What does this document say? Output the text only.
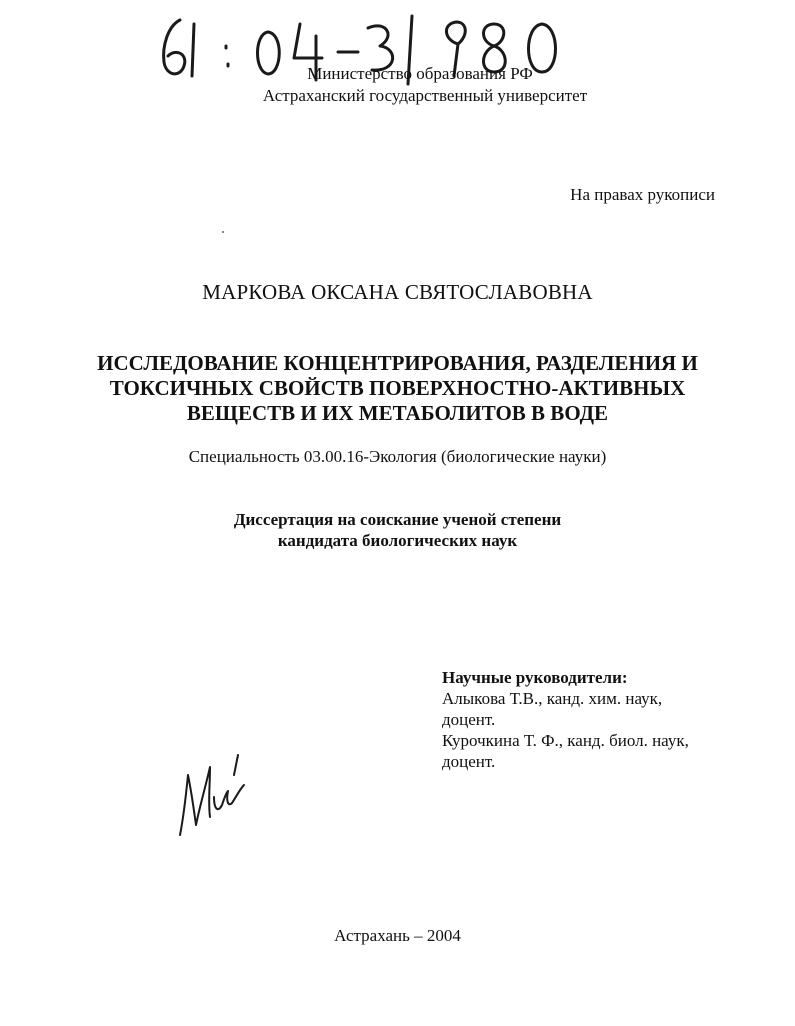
Министерство образования РФ
Астраханский государственный университет
На правах рукописи
МАРКОВА ОКСАНА СВЯТОСЛАВОВНА
ИССЛЕДОВАНИЕ КОНЦЕНТРИРОВАНИЯ, РАЗДЕЛЕНИЯ И
ТОКСИЧНЫХ СВОЙСТВ ПОВЕРХНОСТНО-АКТИВНЫХ
ВЕЩЕСТВ И ИХ МЕТАБОЛИТОВ В ВОДЕ
Специальность 03.00.16-Экология (биологические науки)
Диссертация на соискание ученой степени
кандидата биологических наук
Научные руководители:
Алыкова Т.В., канд. хим. наук,
доцент.
Курочкина Т. Ф., канд. биол. наук,
доцент.
Астрахань – 2004
